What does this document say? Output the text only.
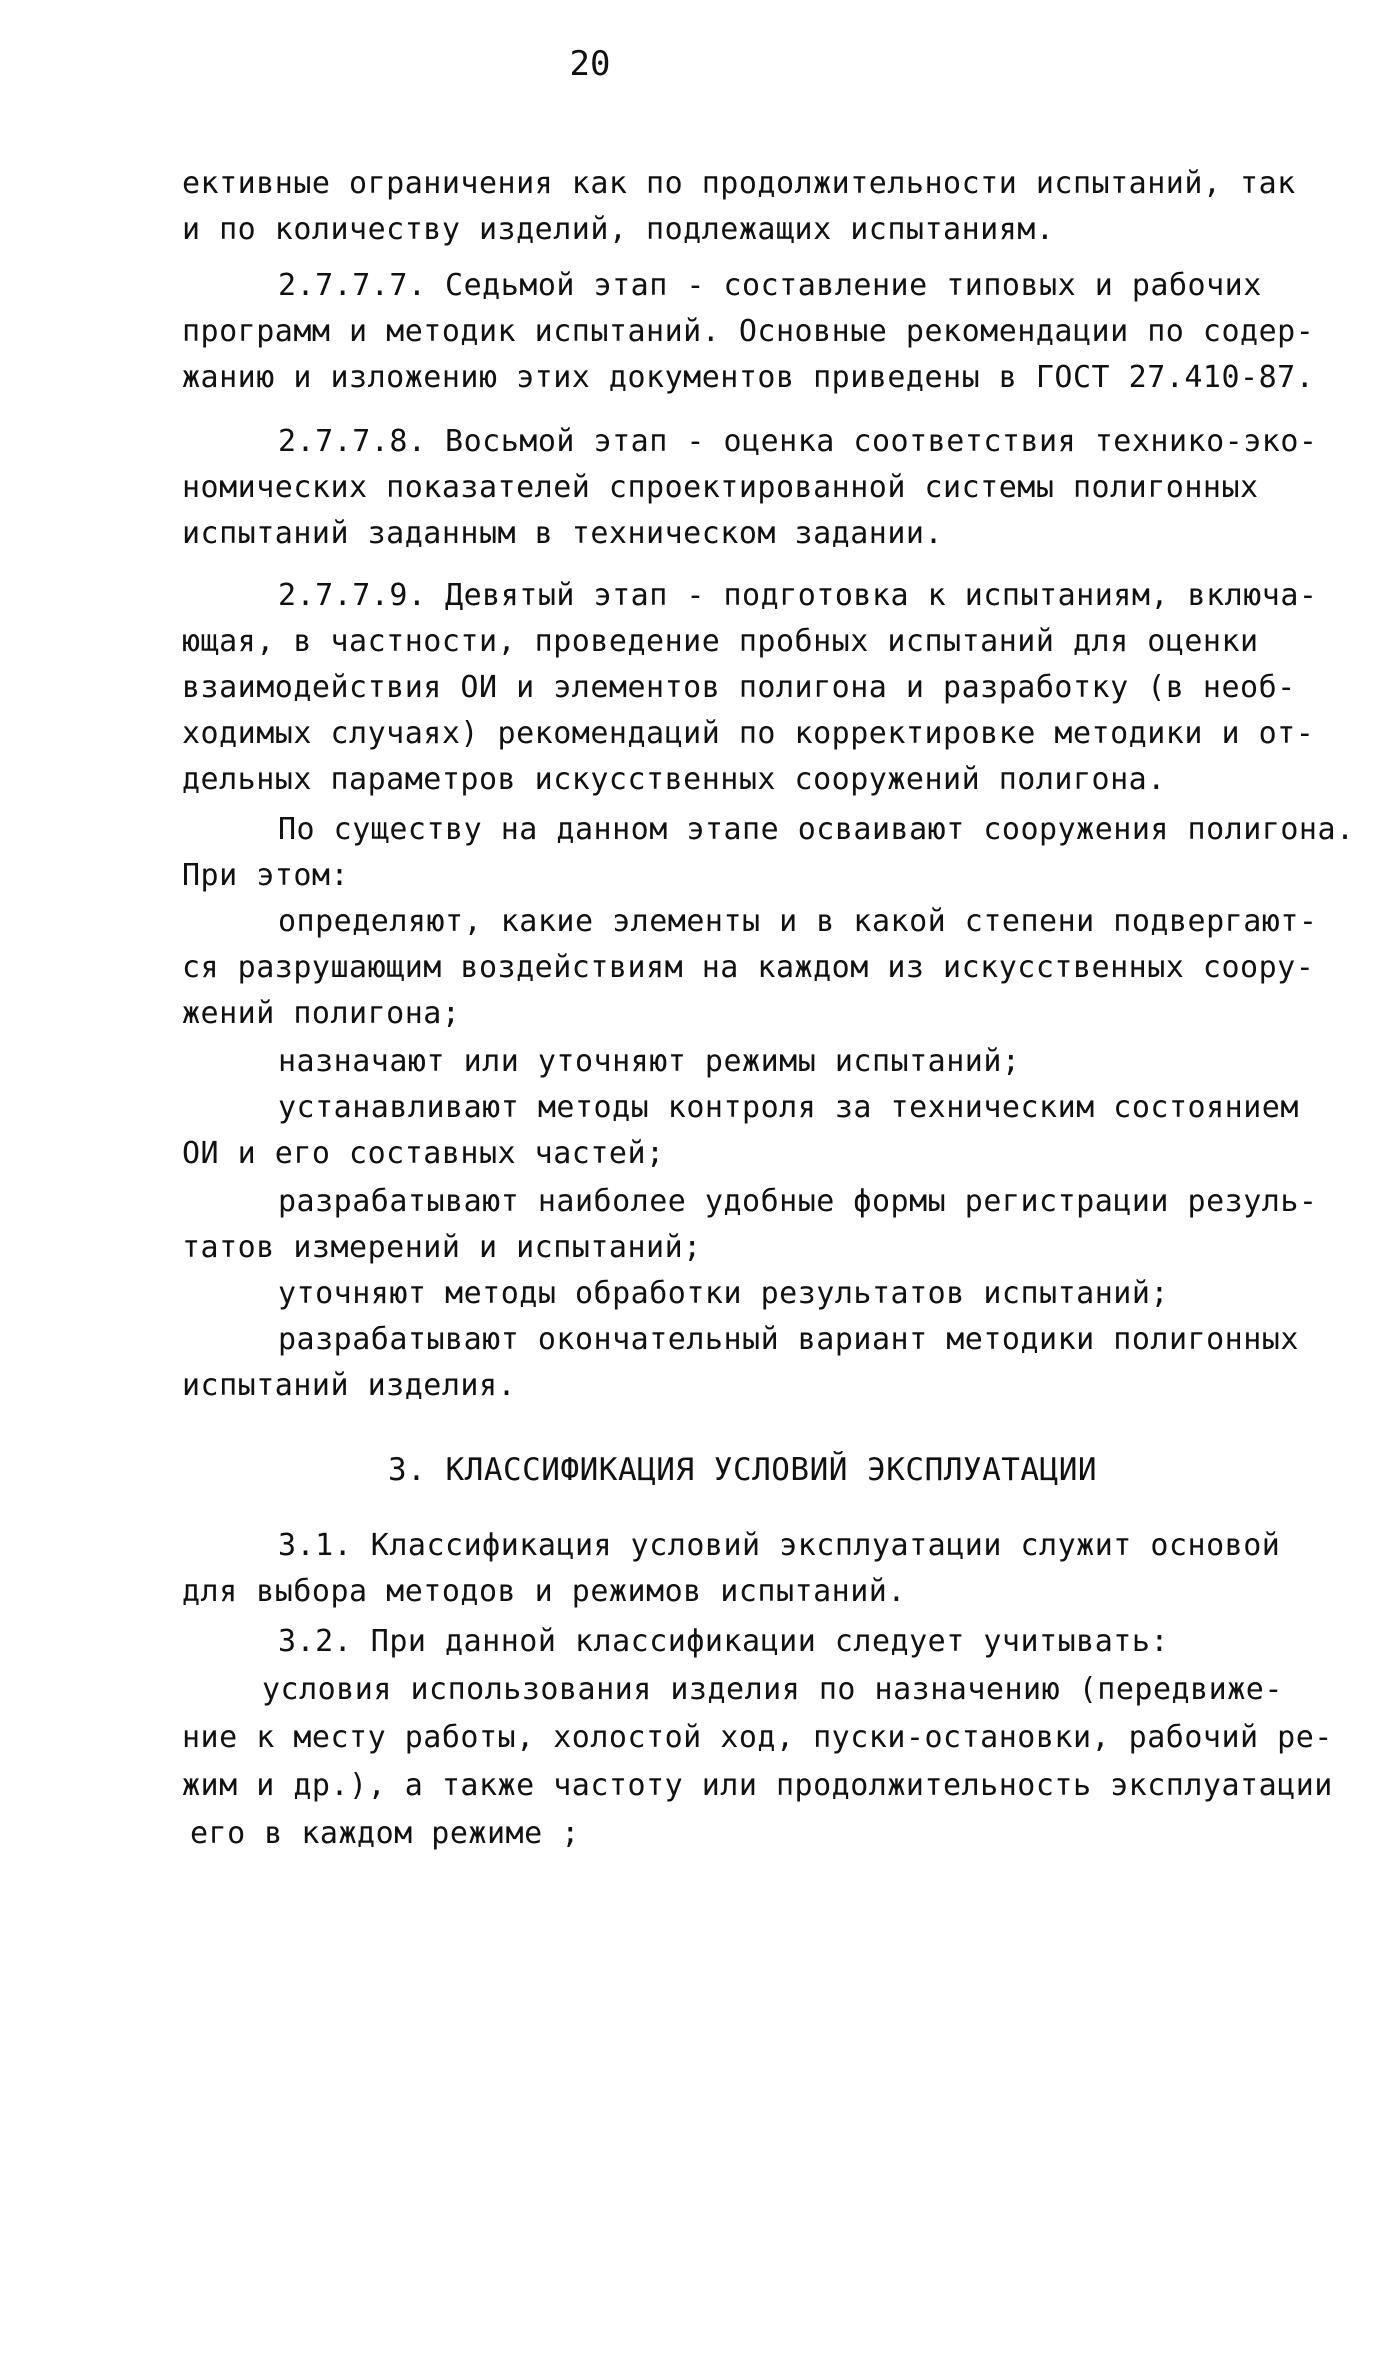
20
ективные ограничения как по продолжительности испытаний, так
и по количеству изделий, подлежащих испытаниям.
2.7.7.7. Седьмой этап - составление типовых и рабочих
программ и методик испытаний. Основные рекомендации по содер-
жанию и изложению этих документов приведены в ГОСТ 27.410-87.
2.7.7.8. Восьмой этап - оценка соответствия технико-эко-
номических показателей спроектированной системы полигонных
испытаний заданным в техническом задании.
2.7.7.9. Девятый этап - подготовка к испытаниям, включа-
ющая, в частности, проведение пробных испытаний для оценки
взаимодействия ОИ и элементов полигона и разработку (в необ-
ходимых случаях) рекомендаций по корректировке методики и от-
дельных параметров искусственных сооружений полигона.
По существу на данном этапе осваивают сооружения полигона.
При этом:
определяют, какие элементы и в какой степени подвергают-
ся разрушающим воздействиям на каждом из искусственных соору-
жений полигона;
назначают или уточняют режимы испытаний;
устанавливают методы контроля за техническим состоянием
ОИ и его составных частей;
разрабатывают наиболее удобные формы регистрации резуль-
татов измерений и испытаний;
уточняют методы обработки результатов испытаний;
разрабатывают окончательный вариант методики полигонных
испытаний изделия.
3. КЛАССИФИКАЦИЯ УСЛОВИЙ ЭКСПЛУАТАЦИИ
3.1. Классификация условий эксплуатации служит основой
для выбора методов и режимов испытаний.
3.2. При данной классификации следует учитывать:
условия использования изделия по назначению (передвиже-
ние к месту работы, холостой ход, пуски-остановки, рабочий ре-
жим и др.), а также частоту или продолжительность эксплуатации
его в каждом режиме ;
